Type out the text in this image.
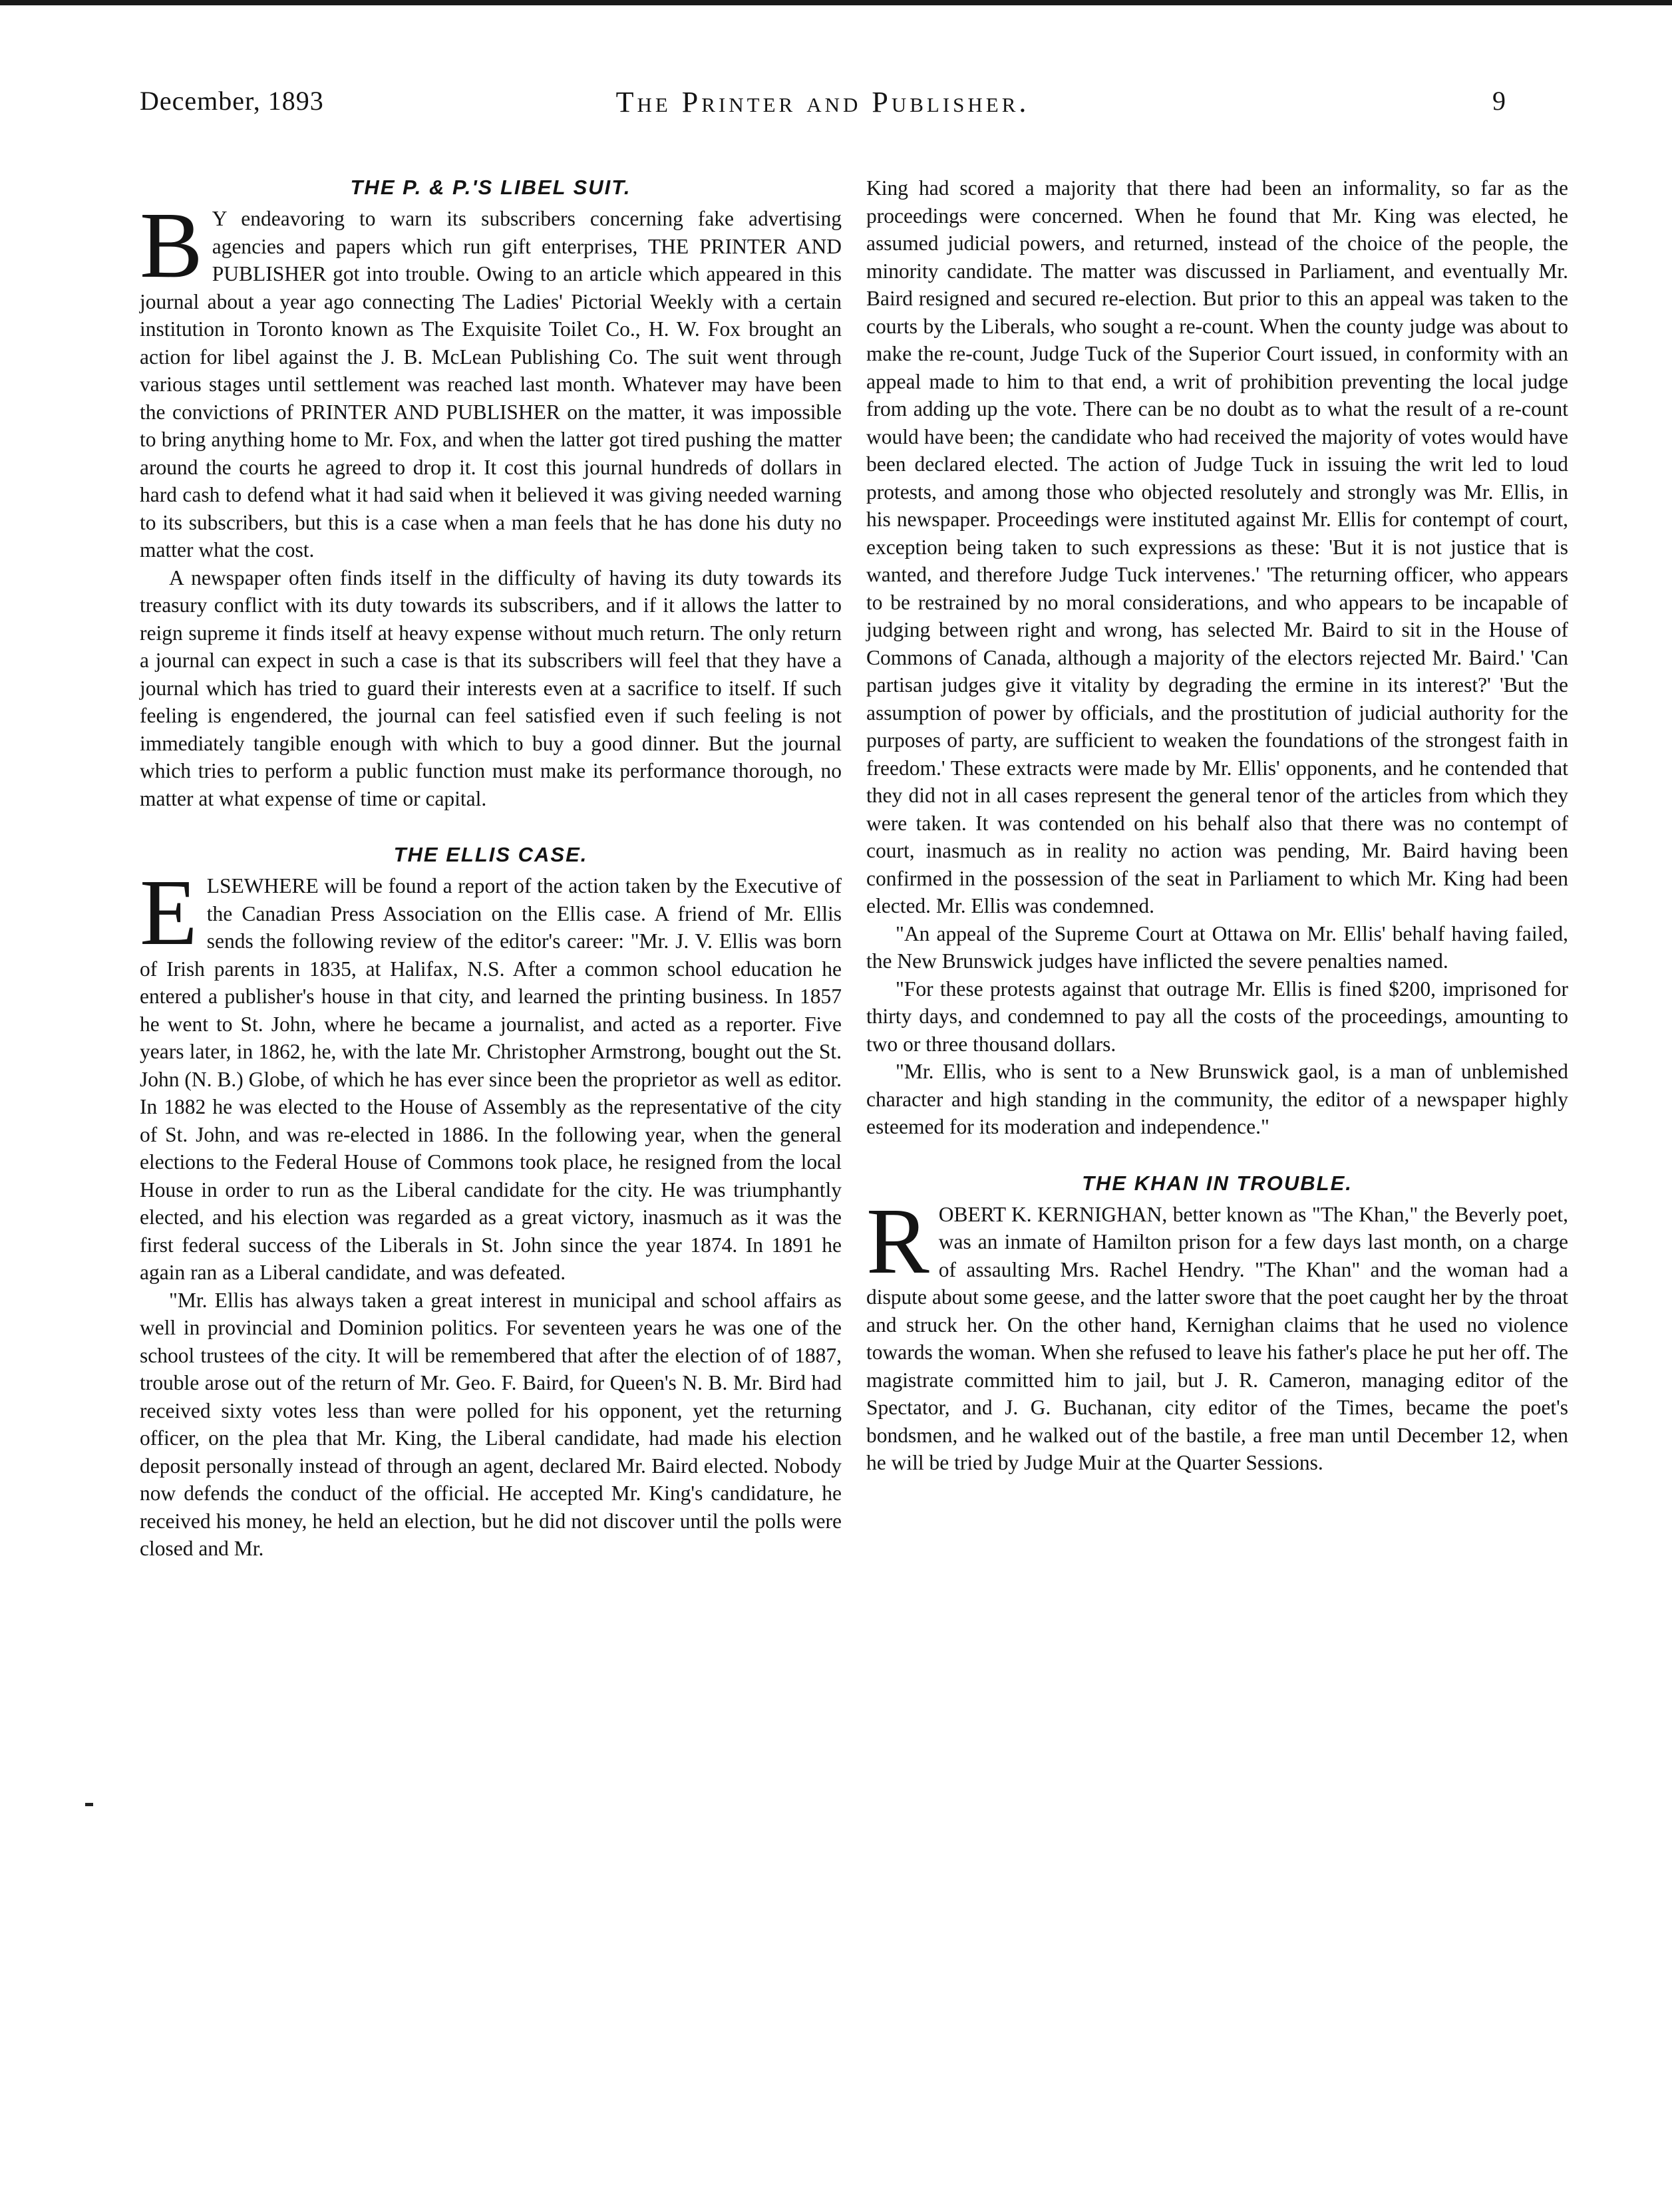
December, 1893	The Printer and Publisher.	9
THE P. & P.'S LIBEL SUIT.

B Y endeavoring to warn its subscribers concerning fake advertising agencies and papers which run gift enterprises, THE PRINTER AND PUBLISHER got into trouble. Owing to an article which appeared in this journal about a year ago connecting The Ladies' Pictorial Weekly with a certain institution in Toronto known as The Exquisite Toilet Co., H. W. Fox brought an action for libel against the J. B. McLean Publishing Co. The suit went through various stages until settlement was reached last month. Whatever may have been the convictions of PRINTER AND PUBLISHER on the matter, it was impossible to bring anything home to Mr. Fox, and when the latter got tired pushing the matter around the courts he agreed to drop it. It cost this journal hundreds of dollars in hard cash to defend what it had said when it believed it was giving needed warning to its subscribers, but this is a case when a man feels that he has done his duty no matter what the cost.

A newspaper often finds itself in the difficulty of having its duty towards its treasury conflict with its duty towards its subscribers, and if it allows the latter to reign supreme it finds itself at heavy expense without much return. The only return a journal can expect in such a case is that its subscribers will feel that they have a journal which has tried to guard their interests even at a sacrifice to itself. If such feeling is engendered, the journal can feel satisfied even if such feeling is not immediately tangible enough with which to buy a good dinner. But the journal which tries to perform a public function must make its performance thorough, no matter at what expense of time or capital.

THE ELLIS CASE.

ELSEWHERE will be found a report of the action taken by the Executive of the Canadian Press Association on the Ellis case. A friend of Mr. Ellis sends the following review of the editor's career: "Mr. J. V. Ellis was born of Irish parents in 1835, at Halifax, N.S. After a common school education he entered a publisher's house in that city, and learned the printing business. In 1857 he went to St. John, where he became a journalist, and acted as a reporter. Five years later, in 1862, he, with the late Mr. Christopher Armstrong, bought out the St. John (N. B.) Globe, of which he has ever since been the proprietor as well as editor. In 1882 he was elected to the House of Assembly as the representative of the city of St. John, and was re-elected in 1886. In the following year, when the general elections to the Federal House of Commons took place, he resigned from the local House in order to run as the Liberal candidate for the city. He was triumphantly elected, and his election was regarded as a great victory, inasmuch as it was the first federal success of the Liberals in St. John since the year 1874. In 1891 he again ran as a Liberal candidate, and was defeated.

"Mr. Ellis has always taken a great interest in municipal and school affairs as well in provincial and Dominion politics. For seventeen years he was one of the school trustees of the city. It will be remembered that after the election of of 1887, trouble arose out of the return of Mr. Geo. F. Baird, for Queen's N. B. Mr. Bird had received sixty votes less than were polled for his opponent, yet the returning officer, on the plea that Mr. King, the Liberal candidate, had made his election deposit personally instead of through an agent, declared Mr. Baird elected. Nobody now defends the conduct of the official. He accepted Mr. King's candidature, he received his money, he held an election, but he did not discover until the polls were closed and Mr.

King had scored a majority that there had been an informality, so far as the proceedings were concerned. When he found that Mr. King was elected, he assumed judicial powers, and returned, instead of the choice of the people, the minority candidate. The matter was discussed in Parliament, and eventually Mr. Baird resigned and secured re-election. But prior to this an appeal was taken to the courts by the Liberals, who sought a re-count. When the county judge was about to make the re-count, Judge Tuck of the Superior Court issued, in conformity with an appeal made to him to that end, a writ of prohibition preventing the local judge from adding up the vote. There can be no doubt as to what the result of a re-count would have been; the candidate who had received the majority of votes would have been declared elected. The action of Judge Tuck in issuing the writ led to loud protests, and among those who objected resolutely and strongly was Mr. Ellis, in his newspaper. Proceedings were instituted against Mr. Ellis for contempt of court, exception being taken to such expressions as these: 'But it is not justice that is wanted, and therefore Judge Tuck intervenes.' 'The returning officer, who appears to be restrained by no moral considerations, and who appears to be incapable of judging between right and wrong, has selected Mr. Baird to sit in the House of Commons of Canada, although a majority of the electors rejected Mr. Baird.' 'Can partisan judges give it vitality by degrading the ermine in its interest?' 'But the assumption of power by officials, and the prostitution of judicial authority for the purposes of party, are sufficient to weaken the foundations of the strongest faith in freedom.' These extracts were made by Mr. Ellis' opponents, and he contended that they did not in all cases represent the general tenor of the articles from which they were taken. It was contended on his behalf also that there was no contempt of court, inasmuch as in reality no action was pending, Mr. Baird having been confirmed in the possession of the seat in Parliament to which Mr. King had been elected. Mr. Ellis was condemned.

"An appeal of the Supreme Court at Ottawa on Mr. Ellis' behalf having failed, the New Brunswick judges have inflicted the severe penalties named.

"For these protests against that outrage Mr. Ellis is fined $200, imprisoned for thirty days, and condemned to pay all the costs of the proceedings, amounting to two or three thousand dollars.

"Mr. Ellis, who is sent to a New Brunswick gaol, is a man of unblemished character and high standing in the community, the editor of a newspaper highly esteemed for its moderation and independence."

THE KHAN IN TROUBLE.

ROBERT K. KERNIGHAN, better known as "The Khan," the Beverly poet, was an inmate of Hamilton prison for a few days last month, on a charge of assaulting Mrs. Rachel Hendry. "The Khan" and the woman had a dispute about some geese, and the latter swore that the poet caught her by the throat and struck her. On the other hand, Kernighan claims that he used no violence towards the woman. When she refused to leave his father's place he put her off. The magistrate committed him to jail, but J. R. Cameron, managing editor of the Spectator, and J. G. Buchanan, city editor of the Times, became the poet's bondsmen, and he walked out of the bastile, a free man until December 12, when he will be tried by Judge Muir at the Quarter Sessions.
